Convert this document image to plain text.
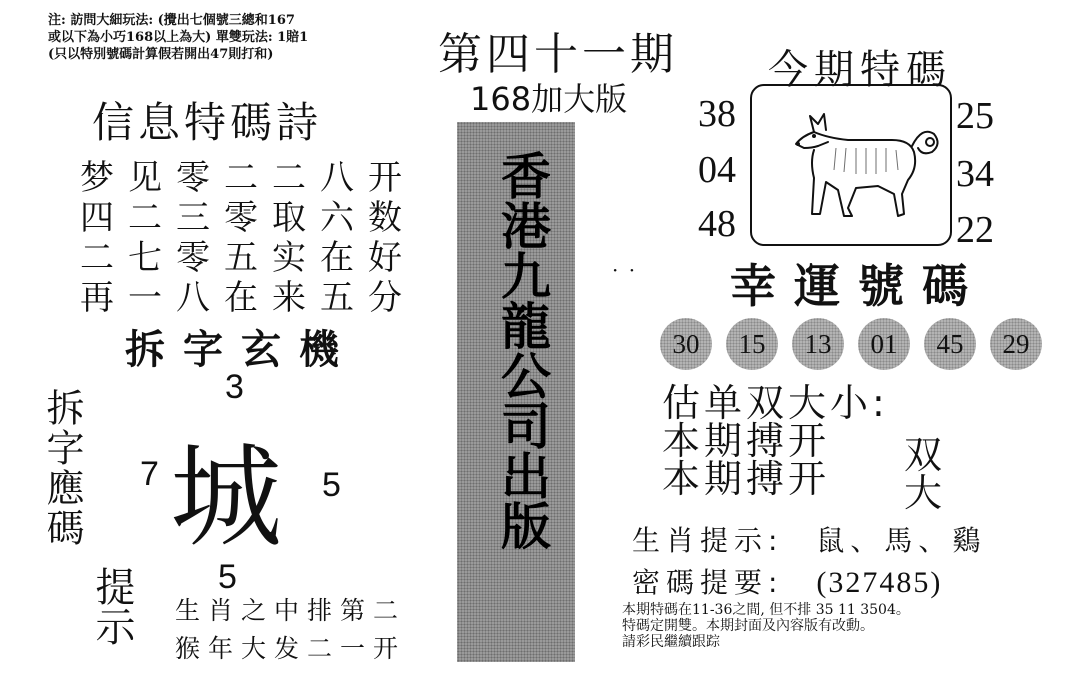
注: 訪問大細玩法: (攪出七個號三總和167
或以下為小巧168以上為大) 單雙玩法: 1賠1
(只以特別號碼計算假若開出47則打和)
信息特碼詩
梦见零二二八开
四二三零取六数
二七零五实在好
再一八在来五分
拆字玄機
拆字應碼
3
7 城 5
5
提示 生肖之中排第二
猴年大发二一开
第四十一期
168加大版
香港九龍公司出版	· ·
今期特碼
38
04
48
25
34
22
幸運號碼
30	15	13	01	45	29
估单双大小:
本期搏开
本期搏开
双
大
生肖提示: 鼠、馬、鷄
密碼提要: (327485)
本期特碼在11-36之間, 但不排 35 11 3504。
特碼定開雙。本期封面及內容版有改動。
請彩民繼續跟踪
